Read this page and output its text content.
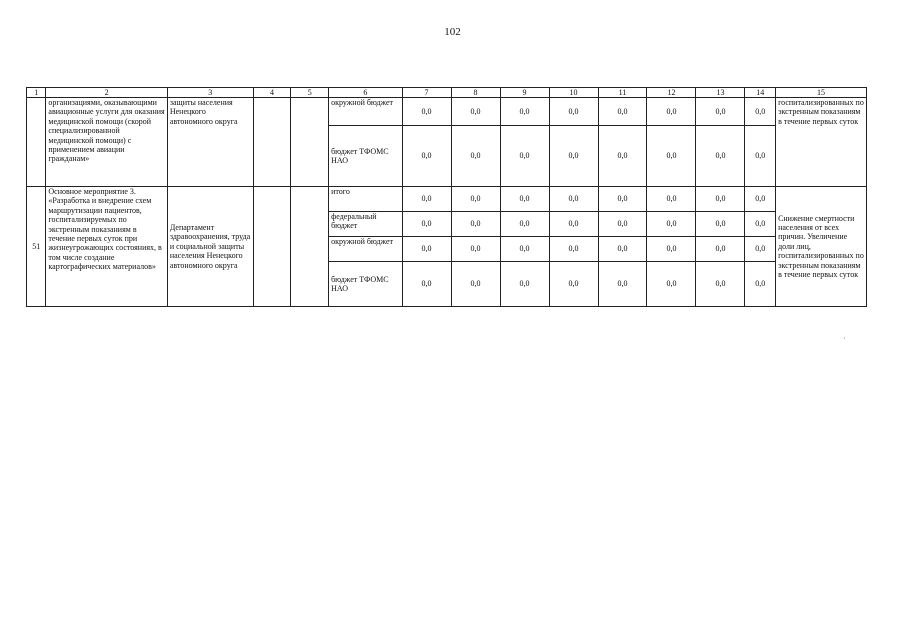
102
1	2	3	4	5	6	7	8	9	10	11	12	13	14	15
	организациями, оказывающими авиационные услуги для оказания медицинской помощи (скорой специализированной медицинской помощи) с применением авиации гражданам»	защиты населения Ненецкого автономного округа			окружной бюджет	0,0	0,0	0,0	0,0	0,0	0,0	0,0	0,0	госпитализированных по экстренным показаниям в течение первых суток
					бюджет ТФОМС НАО	0,0	0,0	0,0	0,0	0,0	0,0	0,0	0,0	
51	Основное мероприятие 3. «Разработка и внедрение схем маршрутизации пациентов, госпитализируемых по экстренным показаниям в течение первых суток при жизнеугрожающих состояниях, в том числе создание картографических материалов»	Департамент здравоохранения, труда и социальной защиты населения Ненецкого автономного округа			итого	0,0	0,0	0,0	0,0	0,0	0,0	0,0	0,0	Снижение смертности населения от всех причин. Увеличение доли лиц, госпитализированных по экстренным показаниям в течение первых суток
					федеральный бюджет	0,0	0,0	0,0	0,0	0,0	0,0	0,0	0,0	
					окружной бюджет	0,0	0,0	0,0	0,0	0,0	0,0	0,0	0,0	
					бюджет ТФОМС НАО	0,0	0,0	0,0	0,0	0,0	0,0	0,0	0,0	
·
